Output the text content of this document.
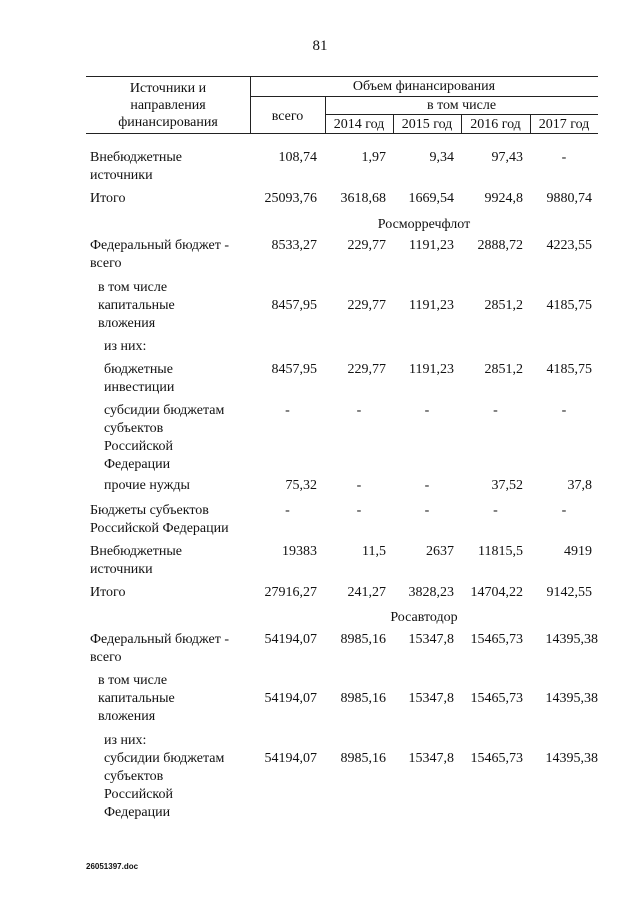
81
Источники и
направления
финансирования
Объем финансирования
всего
в том числе
2014 год	2015 год	2016 год	2017 год
Внебюджетные
источники
108,74	1,97	9,34	97,43	-
Итого	25093,76	3618,68	1669,54	9924,8	9880,74
Росморречфлот
Федеральный бюджет -
всего
8533,27	229,77	1191,23	2888,72	4223,55
в том числе
капитальные
вложения
8457,95	229,77	1191,23	2851,2	4185,75
из них:
бюджетные
инвестиции
8457,95	229,77	1191,23	2851,2	4185,75
субсидии бюджетам
субъектов
Российской
Федерации
-	-	-	-	-
прочие нужды	75,32	-	-	37,52	37,8
Бюджеты субъектов
Российской Федерации
-	-	-	-	-
Внебюджетные
источники
19383	11,5	2637	11815,5	4919
Итого	27916,27	241,27	3828,23	14704,22	9142,55
Росавтодор
Федеральный бюджет -
всего
54194,07	8985,16	15347,8	15465,73	14395,38
в том числе
капитальные
вложения
54194,07	8985,16	15347,8	15465,73	14395,38
из них:
субсидии бюджетам
субъектов
Российской
Федерации
54194,07	8985,16	15347,8	15465,73	14395,38
26051397.doc
